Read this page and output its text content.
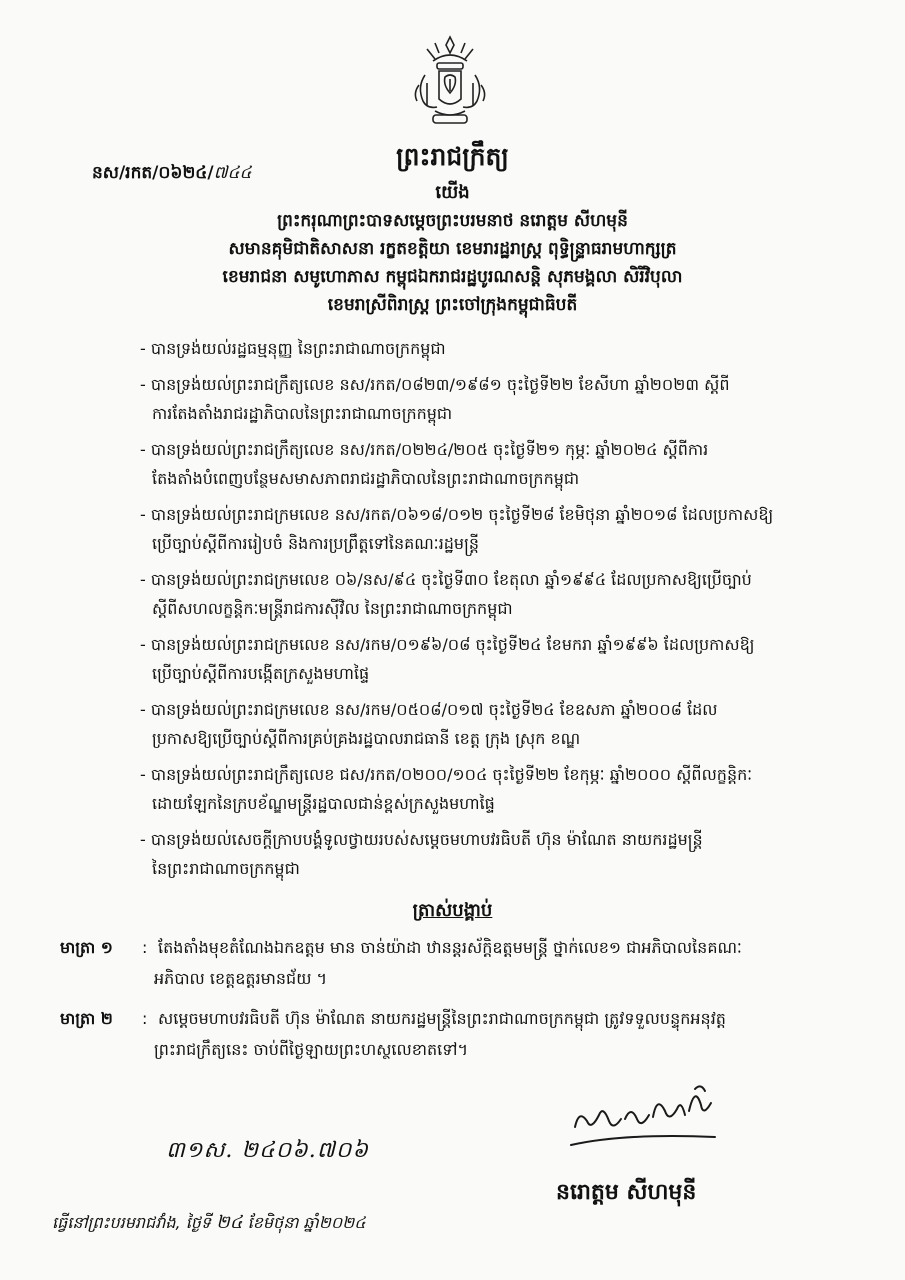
ព្រះរាជក្រឹត្យ
នស/រកត/០៦២៤/៧៤៤
យើង
ព្រះករុណាព្រះបាទសម្តេចព្រះបរមនាថ នរោត្តម សីហមុនី
សមានគុមិជាតិសាសនា រក្ខតខត្តិយា ខេមរារដ្ឋរាស្ត្រ ពុទ្ធិន្ទ្រាធរាមហាក្សត្រ
ខេមរាជនា សមូហោភាស កម្ពុជឯករាជរដ្ឋបូរណសន្តិ សុភមង្គលា សិរីវិបុលា
ខេមរាស្រីពិរាស្ត្រ ព្រះចៅក្រុងកម្ពុជាធិបតី
- បានទ្រង់យល់រដ្ឋធម្មនុញ្ញ នៃព្រះរាជាណាចក្រកម្ពុជា
- បានទ្រង់យល់ព្រះរាជក្រឹត្យលេខ នស/រកត/០៨២៣/១៩៨១ ចុះថ្ងៃទី២២ ខែសីហា ឆ្នាំ២០២៣ ស្តីពី
ការតែងតាំងរាជរដ្ឋាភិបាលនៃព្រះរាជាណាចក្រកម្ពុជា
- បានទ្រង់យល់ព្រះរាជក្រឹត្យលេខ នស/រកត/០២២៤/២០៥ ចុះថ្ងៃទី២១ កុម្ភៈ ឆ្នាំ២០២៤ ស្តីពីការ
តែងតាំងបំពេញបន្ថែមសមាសភាពរាជរដ្ឋាភិបាលនៃព្រះរាជាណាចក្រកម្ពុជា
- បានទ្រង់យល់ព្រះរាជក្រមលេខ នស/រកត/០៦១៨/០១២ ចុះថ្ងៃទី២៨ ខែមិថុនា ឆ្នាំ២០១៨ ដែលប្រកាសឱ្យ
ប្រើច្បាប់ស្តីពីការរៀបចំ និងការប្រព្រឹត្តទៅនៃគណៈរដ្ឋមន្ត្រី
- បានទ្រង់យល់ព្រះរាជក្រមលេខ ០៦/នស/៩៤ ចុះថ្ងៃទី៣០ ខែតុលា ឆ្នាំ១៩៩៤ ដែលប្រកាសឱ្យប្រើច្បាប់
ស្តីពីសហលក្ខន្តិកៈមន្ត្រីរាជការស៊ីវិល នៃព្រះរាជាណាចក្រកម្ពុជា
- បានទ្រង់យល់ព្រះរាជក្រមលេខ នស/រកម/០១៩៦/០៨ ចុះថ្ងៃទី២៤ ខែមករា ឆ្នាំ១៩៩៦ ដែលប្រកាសឱ្យ
ប្រើច្បាប់ស្តីពីការបង្កើតក្រសួងមហាផ្ទៃ
- បានទ្រង់យល់ព្រះរាជក្រមលេខ នស/រកម/០៥០៨/០១៧ ចុះថ្ងៃទី២៤ ខែឧសភា ឆ្នាំ២០០៨ ដែល
ប្រកាសឱ្យប្រើច្បាប់ស្តីពីការគ្រប់គ្រងរដ្ឋបាលរាជធានី ខេត្ត ក្រុង ស្រុក ខណ្ឌ
- បានទ្រង់យល់ព្រះរាជក្រឹត្យលេខ ជស/រកត/០២០០/១០៤ ចុះថ្ងៃទី២២ ខែកុម្ភៈ ឆ្នាំ២០០០ ស្តីពីលក្ខន្តិកៈ
ដោយឡែកនៃក្របខ័ណ្ឌមន្ត្រីរដ្ឋបាលជាន់ខ្ពស់ក្រសួងមហាផ្ទៃ
- បានទ្រង់យល់សេចក្តីក្រាបបង្គំទូលថ្វាយរបស់សម្តេចមហាបវរធិបតី ហ៊ុន ម៉ាណែត នាយករដ្ឋមន្ត្រី
នៃព្រះរាជាណាចក្រកម្ពុជា
ត្រាស់បង្គាប់
មាត្រា ១ : តែងតាំងមុខតំណែងឯកឧត្តម មាន ចាន់យ៉ាដា ឋានន្តរស័ក្តិឧត្តមមន្ត្រី ថ្នាក់លេខ១ ជាអភិបាលនៃគណៈ
អភិបាល ខេត្តឧត្តរមានជ័យ ។
មាត្រា ២ : សម្តេចមហាបវរធិបតី ហ៊ុន ម៉ាណែត នាយករដ្ឋមន្ត្រីនៃព្រះរាជាណាចក្រកម្ពុជា ត្រូវទទួលបន្ទុកអនុវត្ត
ព្រះរាជក្រឹត្យនេះ ចាប់ពីថ្ងៃឡាយព្រះហស្ថលេខាតទៅ។
៣១ស. ២៤០៦.៧០៦
នរោត្តម សីហមុនី
ធ្វើនៅព្រះបរមរាជវាំង, ថ្ងៃទី ២៤ ខែមិថុនា ឆ្នាំ២០២៤
